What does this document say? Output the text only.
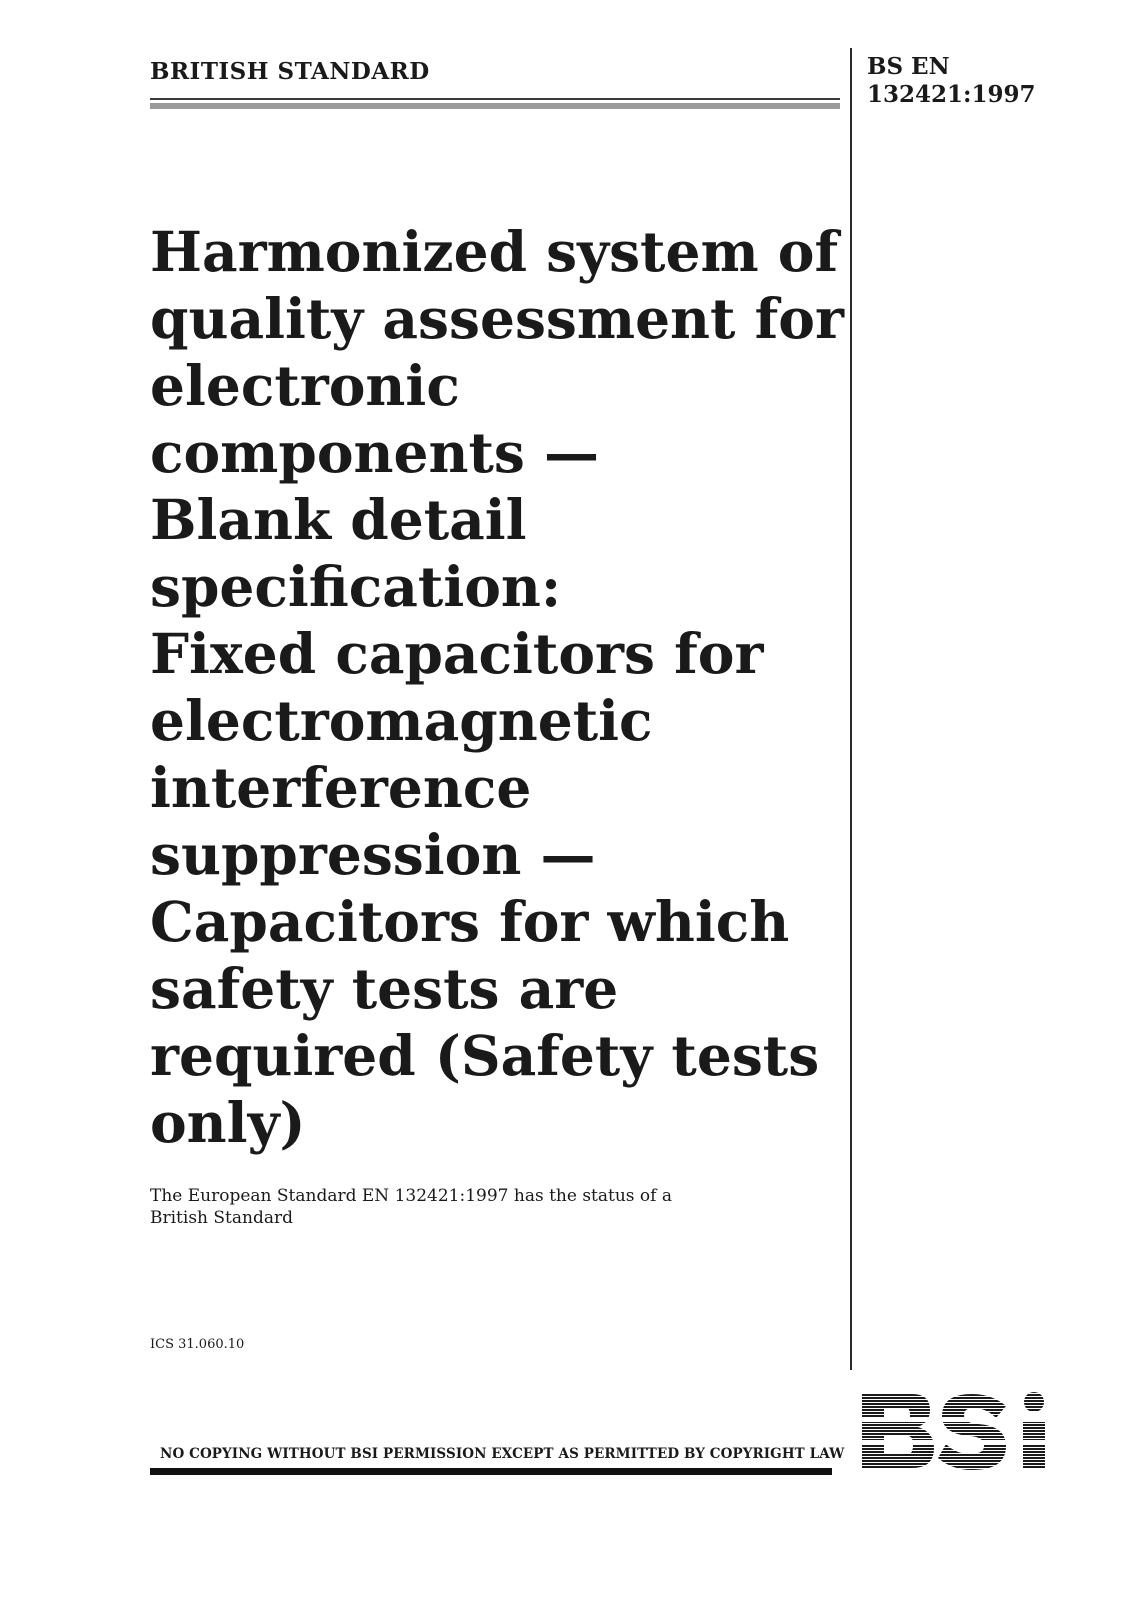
BRITISH STANDARD	BS EN
132421:1997
Harmonized system of
quality assessment for
electronic
components —
Blank detail
specification:
Fixed capacitors for
electromagnetic
interference
suppression —
Capacitors for which
safety tests are
required (Safety tests
only)
The European Standard EN 132421:1997 has the status of a British Standard
ICS 31.060.10
NO COPYING WITHOUT BSI PERMISSION EXCEPT AS PERMITTED BY COPYRIGHT LAW
